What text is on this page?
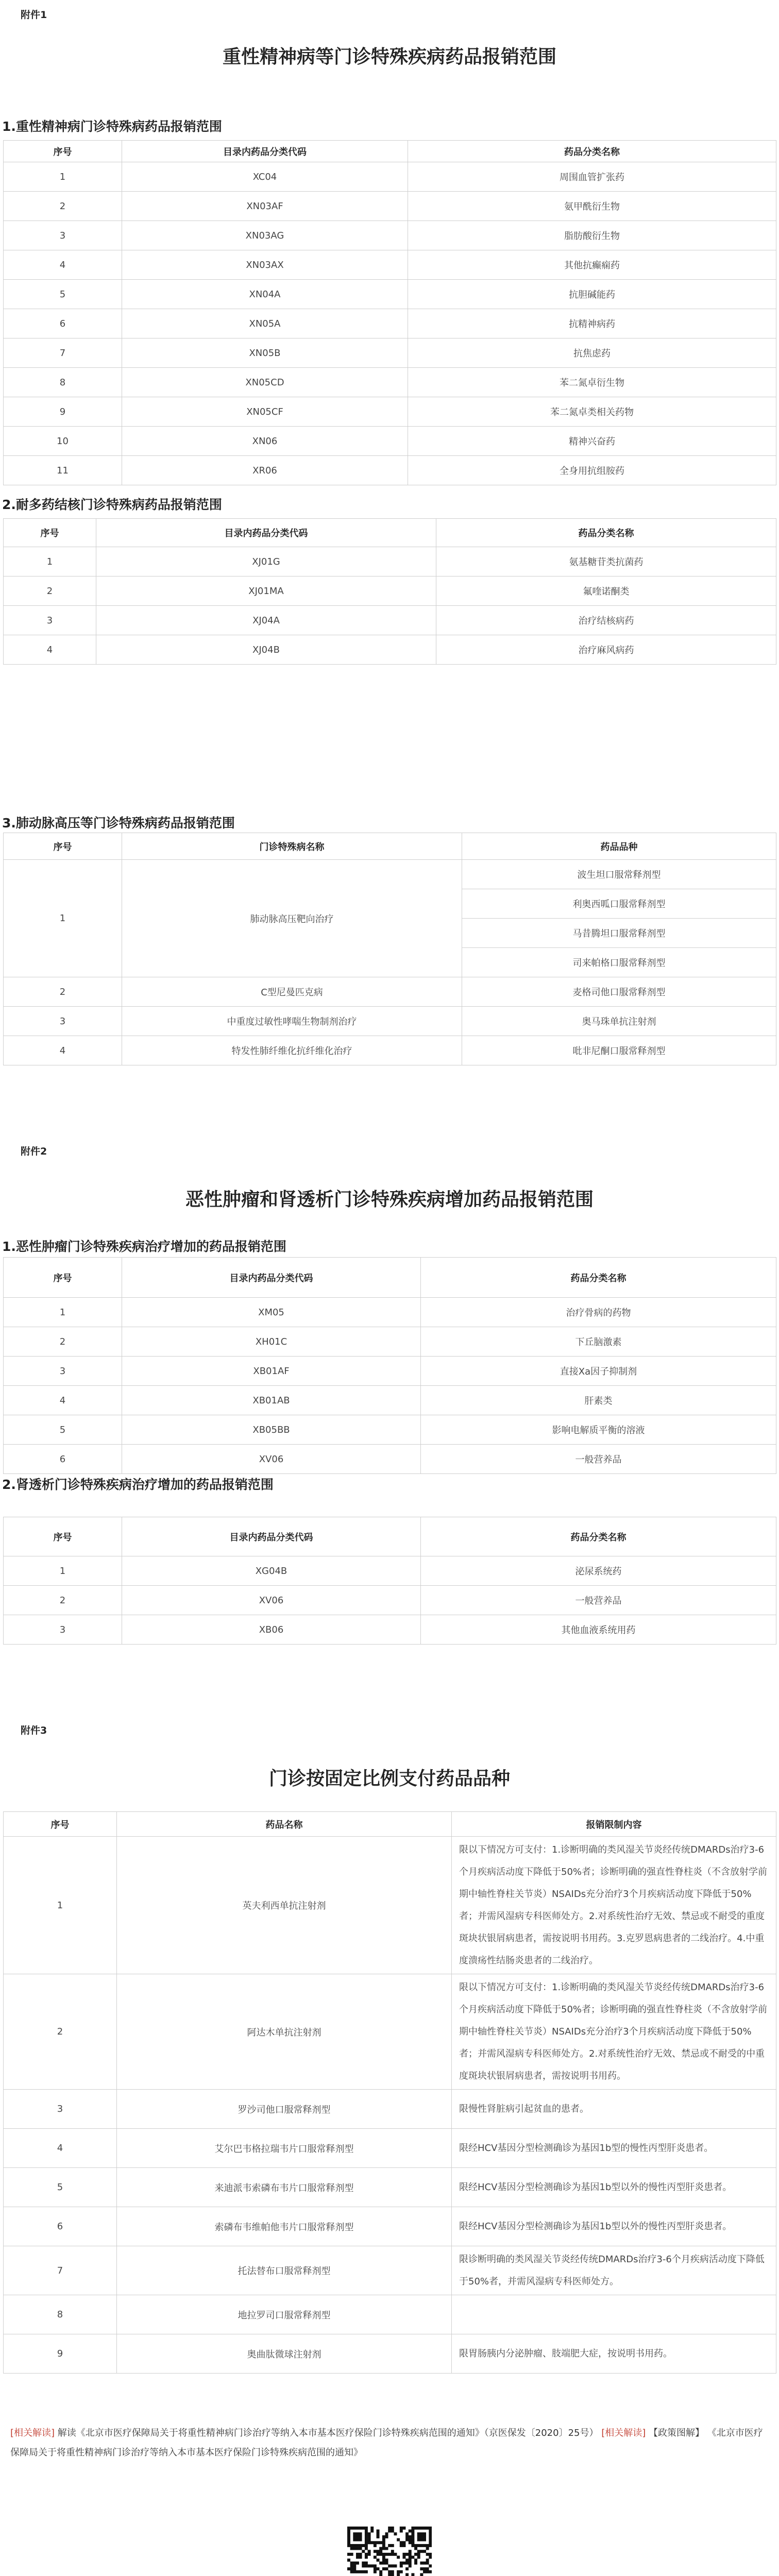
附件1
重性精神病等门诊特殊疾病药品报销范围
1.重性精神病门诊特殊病药品报销范围
序号	目录内药品分类代码	药品分类名称
1	XC04	周围血管扩张药
2	XN03AF	氨甲酰衍生物
3	XN03AG	脂肪酸衍生物
4	XN03AX	其他抗癫痫药
5	XN04A	抗胆碱能药
6	XN05A	抗精神病药
7	XN05B	抗焦虑药
8	XN05CD	苯二氮卓衍生物
9	XN05CF	苯二氮卓类相关药物
10	XN06	精神兴奋药
11	XR06	全身用抗组胺药
2.耐多药结核门诊特殊病药品报销范围
序号	目录内药品分类代码	药品分类名称
1	XJ01G	氨基糖苷类抗菌药
2	XJ01MA	氟喹诺酮类
3	XJ04A	治疗结核病药
4	XJ04B	治疗麻风病药
3.肺动脉高压等门诊特殊病药品报销范围
序号	门诊特殊病名称	药品品种
1	肺动脉高压靶向治疗	波生坦口服常释剂型
		利奥西呱口服常释剂型
		马昔腾坦口服常释剂型
		司来帕格口服常释剂型
2	C型尼曼匹克病	麦格司他口服常释剂型
3	中重度过敏性哮喘生物制剂治疗	奥马珠单抗注射剂
4	特发性肺纤维化抗纤维化治疗	吡非尼酮口服常释剂型
附件2
恶性肿瘤和肾透析门诊特殊疾病增加药品报销范围
1.恶性肿瘤门诊特殊疾病治疗增加的药品报销范围
序号	目录内药品分类代码	药品分类名称
1	XM05	治疗骨病的药物
2	XH01C	下丘脑激素
3	XB01AF	直接Xa因子抑制剂
4	XB01AB	肝素类
5	XB05BB	影响电解质平衡的溶液
6	XV06	一般营养品
2.肾透析门诊特殊疾病治疗增加的药品报销范围
序号	目录内药品分类代码	药品分类名称
1	XG04B	泌尿系统药
2	XV06	一般营养品
3	XB06	其他血液系统用药
附件3
门诊按固定比例支付药品品种
序号	药品名称	报销限制内容
1	英夫利西单抗注射剂	限以下情况方可支付：1.诊断明确的类风湿关节炎经传统DMARDs治疗3-6个月疾病活动度下降低于50%者；诊断明确的强直性脊柱炎（不含放射学前期中轴性脊柱关节炎）NSAIDs充分治疗3个月疾病活动度下降低于50%者；并需风湿病专科医师处方。2.对系统性治疗无效、禁忌或不耐受的重度斑块状银屑病患者，需按说明书用药。3.克罗恩病患者的二线治疗。4.中重度溃疡性结肠炎患者的二线治疗。
2	阿达木单抗注射剂	限以下情况方可支付：1.诊断明确的类风湿关节炎经传统DMARDs治疗3-6个月疾病活动度下降低于50%者；诊断明确的强直性脊柱炎（不含放射学前期中轴性脊柱关节炎）NSAIDs充分治疗3个月疾病活动度下降低于50%者；并需风湿病专科医师处方。2.对系统性治疗无效、禁忌或不耐受的中重度斑块状银屑病患者，需按说明书用药。
3	罗沙司他口服常释剂型	限慢性肾脏病引起贫血的患者。
4	艾尔巴韦格拉瑞韦片口服常释剂型	限经HCV基因分型检测确诊为基因1b型的慢性丙型肝炎患者。
5	来迪派韦索磷布韦片口服常释剂型	限经HCV基因分型检测确诊为基因1b型以外的慢性丙型肝炎患者。
6	索磷布韦维帕他韦片口服常释剂型	限经HCV基因分型检测确诊为基因1b型以外的慢性丙型肝炎患者。
7	托法替布口服常释剂型	限诊断明确的类风湿关节炎经传统DMARDs治疗3-6个月疾病活动度下降低于50%者，并需风湿病专科医师处方。
8	地拉罗司口服常释剂型	
9	奥曲肽微球注射剂	限胃肠胰内分泌肿瘤、肢端肥大症，按说明书用药。
[相关解读] 解读《北京市医疗保障局关于将重性精神病门诊治疗等纳入本市基本医疗保险门诊特殊疾病范围的通知》（京医保发〔2020〕25号） [相关解读] 【政策图解】 《北京市医疗保障局关于将重性精神病门诊治疗等纳入本市基本医疗保险门诊特殊疾病范围的通知》
